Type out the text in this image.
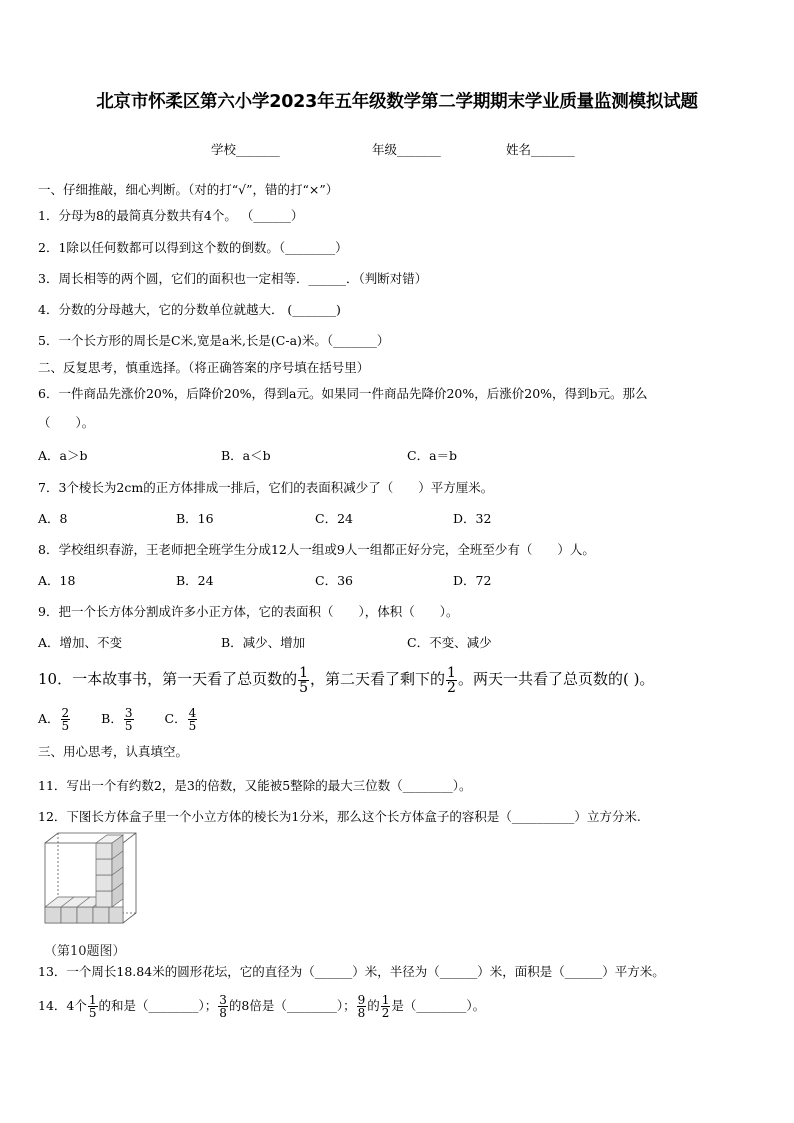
北京市怀柔区第六小学2023年五年级数学第二学期期末学业质量监测模拟试题
学校_______	年级_______	姓名_______
一、仔细推敲，细心判断。（对的打“√”，错的打“×”）
1．分母为8的最简真分数共有4个。 （______）
2．1除以任何数都可以得到这个数的倒数。（________）
3．周长相等的两个圆，它们的面积也一定相等．______．（判断对错）
4．分数的分母越大，它的分数单位就越大． (_______)
5．一个长方形的周长是C米,宽是a米,长是(C-a)米。（_______）
二、反复思考，慎重选择。（将正确答案的序号填在括号里）
6．一件商品先涨价20%，后降价20%，得到a元。如果同一件商品先降价20%，后涨价20%，得到b元。那么
（　　）。
A．a＞b	B．a＜b	C．a＝b
7．3个棱长为2cm的正方体排成一排后，它们的表面积减少了（　　）平方厘米。
A．8	B．16	C．24	D．32
8．学校组织春游，王老师把全班学生分成12人一组或9人一组都正好分完，全班至少有（　　）人。
A．18	B．24	C．36	D．72
9．把一个长方体分割成许多小正方体，它的表面积（　　），体积（　　）。
A．增加、不变	B．减少、增加	C．不变、减少
10．一本故事书，第一天看了总页数的 $\frac{1}{5}$ ，第二天看了剩下的 $\frac{1}{2}$ 。两天一共看了总页数的( )。
A． $\frac{2}{5}$ B． $\frac{3}{5}$ C． $\frac{4}{5}$
三、用心思考，认真填空。
11．写出一个有约数2，是3的倍数，又能被5整除的最大三位数（________）。
12．下图长方体盒子里一个小立方体的棱长为1分米，那么这个长方体盒子的容积是（__________）立方分米.
（第10题图）
13．一个周长18.84米的圆形花坛，它的直径为（______）米，半径为（______）米，面积是（______）平方米。
14．4个 $\frac{1}{5}$ 的和是（________）； $\frac{3}{8}$ 的8倍是（________）； $\frac{9}{8}$ 的 $\frac{1}{2}$ 是（________）。
